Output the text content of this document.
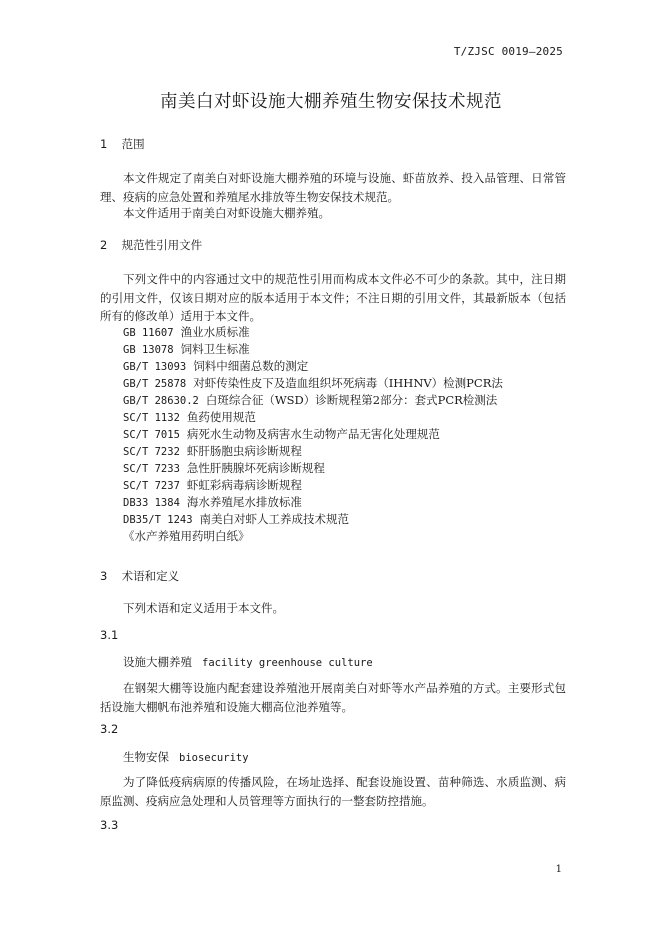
T/ZJSC 0019—2025
南美白对虾设施大棚养殖生物安保技术规范
1 范围

本文件规定了南美白对虾设施大棚养殖的环境与设施、虾苗放养、投入品管理、日常管理、疫病的应急处置和养殖尾水排放等生物安保技术规范。

本文件适用于南美白对虾设施大棚养殖。

2 规范性引用文件

下列文件中的内容通过文中的规范性引用而构成本文件必不可少的条款。其中，注日期的引用文件，仅该日期对应的版本适用于本文件；不注日期的引用文件，其最新版本（包括所有的修改单）适用于本文件。

GB 11607 渔业水质标准
GB 13078 饲料卫生标准
GB/T 13093 饲料中细菌总数的测定
GB/T 25878 对虾传染性皮下及造血组织坏死病毒（IHHNV）检测PCR法
GB/T 28630.2 白斑综合征（WSD）诊断规程第2部分：套式PCR检测法
SC/T 1132 鱼药使用规范
SC/T 7015 病死水生动物及病害水生动物产品无害化处理规范
SC/T 7232 虾肝肠胞虫病诊断规程
SC/T 7233 急性肝胰腺坏死病诊断规程
SC/T 7237 虾虹彩病毒病诊断规程
DB33 1384 海水养殖尾水排放标准
DB35/T 1243 南美白对虾人工养成技术规范
《水产养殖用药明白纸》
3 术语和定义

下列术语和定义适用于本文件。

3.1
设施大棚养殖 facility greenhouse culture

在钢架大棚等设施内配套建设养殖池开展南美白对虾等水产品养殖的方式。主要形式包括设施大棚帆布池养殖和设施大棚高位池养殖等。

3.2
生物安保 biosecurity

为了降低疫病病原的传播风险，在场址选择、配套设施设置、苗种筛选、水质监测、病原监测、疫病应急处理和人员管理等方面执行的一整套防控措施。

3.3
1
